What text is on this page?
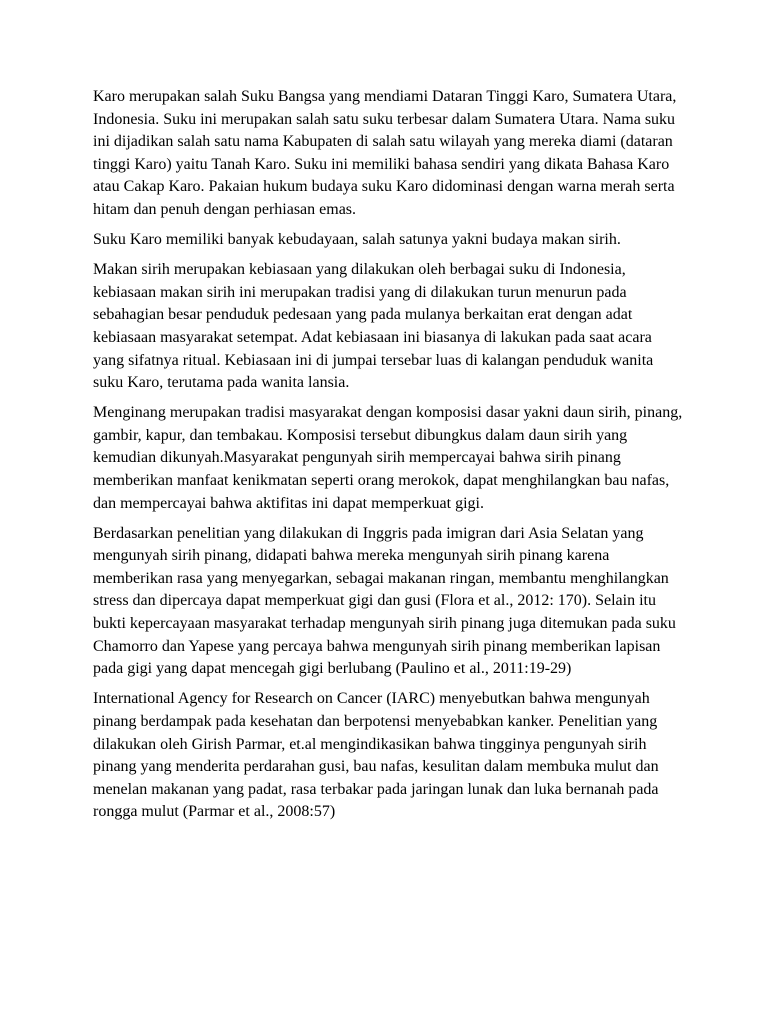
Karo merupakan salah Suku Bangsa yang mendiami Dataran Tinggi Karo, Sumatera Utara, Indonesia. Suku ini merupakan salah satu suku terbesar dalam Sumatera Utara. Nama suku ini dijadikan salah satu nama Kabupaten di salah satu wilayah yang mereka diami (dataran tinggi Karo) yaitu Tanah Karo. Suku ini memiliki bahasa sendiri yang dikata Bahasa Karo atau Cakap Karo. Pakaian hukum budaya suku Karo didominasi dengan warna merah serta hitam dan penuh dengan perhiasan emas.

Suku Karo memiliki banyak kebudayaan, salah satunya yakni budaya makan sirih.

Makan sirih merupakan kebiasaan yang dilakukan oleh berbagai suku di Indonesia, kebiasaan makan sirih ini merupakan tradisi yang di dilakukan turun menurun pada sebahagian besar penduduk pedesaan yang pada mulanya berkaitan erat dengan adat kebiasaan masyarakat setempat. Adat kebiasaan ini biasanya di lakukan pada saat acara yang sifatnya ritual. Kebiasaan ini di jumpai tersebar luas di kalangan penduduk wanita suku Karo, terutama pada wanita lansia.

Menginang merupakan tradisi masyarakat dengan komposisi dasar yakni daun sirih, pinang, gambir, kapur, dan tembakau. Komposisi tersebut dibungkus dalam daun sirih yang kemudian dikunyah.Masyarakat pengunyah sirih mempercayai bahwa sirih pinang memberikan manfaat kenikmatan seperti orang merokok, dapat menghilangkan bau nafas, dan mempercayai bahwa aktifitas ini dapat memperkuat gigi.

Berdasarkan penelitian yang dilakukan di Inggris pada imigran dari Asia Selatan yang mengunyah sirih pinang, didapati bahwa mereka mengunyah sirih pinang karena memberikan rasa yang menyegarkan, sebagai makanan ringan, membantu menghilangkan stress dan dipercaya dapat memperkuat gigi dan gusi (Flora et al., 2012: 170). Selain itu bukti kepercayaan masyarakat terhadap mengunyah sirih pinang juga ditemukan pada suku Chamorro dan Yapese yang percaya bahwa mengunyah sirih pinang memberikan lapisan pada gigi yang dapat mencegah gigi berlubang (Paulino et al., 2011:19-29)

International Agency for Research on Cancer (IARC) menyebutkan bahwa mengunyah pinang berdampak pada kesehatan dan berpotensi menyebabkan kanker. Penelitian yang dilakukan oleh Girish Parmar, et.al mengindikasikan bahwa tingginya pengunyah sirih pinang yang menderita perdarahan gusi, bau nafas, kesulitan dalam membuka mulut dan menelan makanan yang padat, rasa terbakar pada jaringan lunak dan luka bernanah pada rongga mulut (Parmar et al., 2008:57)
